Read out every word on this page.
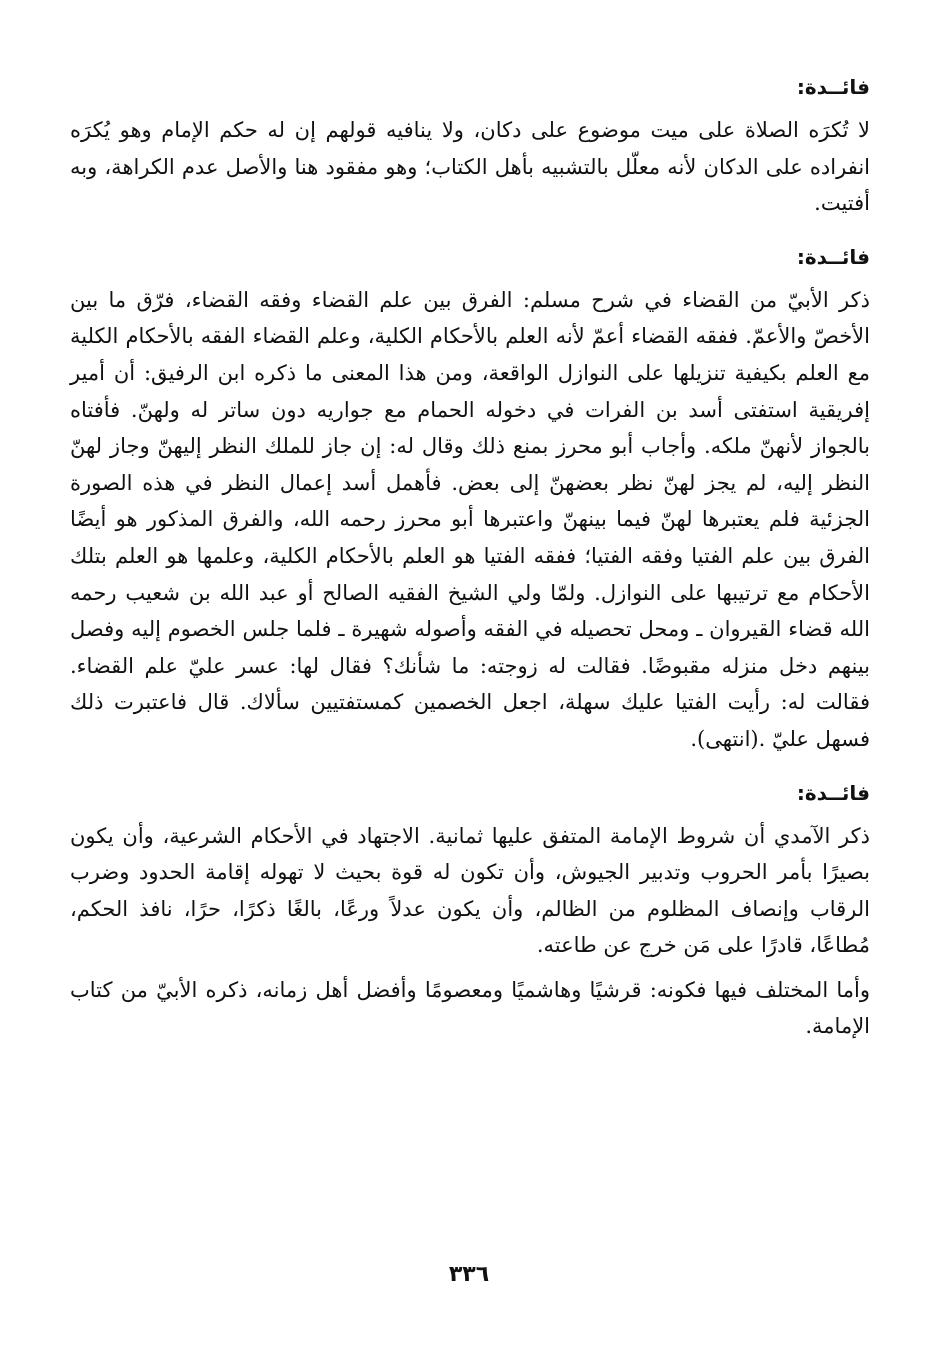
فائــدة:

لا تُكرَه الصلاة على ميت موضوع على دكان، ولا ينافيه قولهم إن له حكم الإمام وهو يُكرَه انفراده على الدكان لأنه معلّل بالتشبيه بأهل الكتاب؛ وهو مفقود هنا والأصل عدم الكراهة، وبه أفتيت.

فائــدة:

ذكر الأبيّ من القضاء في شرح مسلم: الفرق بين علم القضاء وفقه القضاء، فرّق ما بين الأخصّ والأعمّ. ففقه القضاء أعمّ لأنه العلم بالأحكام الكلية، وعلم القضاء الفقه بالأحكام الكلية مع العلم بكيفية تنزيلها على النوازل الواقعة، ومن هذا المعنى ما ذكره ابن الرفيق: أن أمير إفريقية استفتى أسد بن الفرات في دخوله الحمام مع جواريه دون ساتر له ولهنّ. فأفتاه بالجواز لأنهنّ ملكه. وأجاب أبو محرز بمنع ذلك وقال له: إن جاز للملك النظر إليهنّ وجاز لهنّ النظر إليه، لم يجز لهنّ نظر بعضهنّ إلى بعض. فأهمل أسد إعمال النظر في هذه الصورة الجزئية فلم يعتبرها لهنّ فيما بينهنّ واعتبرها أبو محرز رحمه الله، والفرق المذكور هو أيضًا الفرق بين علم الفتيا وفقه الفتيا؛ ففقه الفتيا هو العلم بالأحكام الكلية، وعلمها هو العلم بتلك الأحكام مع ترتيبها على النوازل. ولمّا ولي الشيخ الفقيه الصالح أو عبد الله بن شعيب رحمه الله قضاء القيروان ـ ومحل تحصيله في الفقه وأصوله شهيرة ـ فلما جلس الخصوم إليه وفصل بينهم دخل منزله مقبوضًا. فقالت له زوجته: ما شأنك؟ فقال لها: عسر عليّ علم القضاء. فقالت له: رأيت الفتيا عليك سهلة، اجعل الخصمين كمستفتيين سألاك. قال فاعتبرت ذلك فسهل عليّ .(انتهى).

فائــدة:

ذكر الآمدي أن شروط الإمامة المتفق عليها ثمانية. الاجتهاد في الأحكام الشرعية، وأن يكون بصيرًا بأمر الحروب وتدبير الجيوش، وأن تكون له قوة بحيث لا تهوله إقامة الحدود وضرب الرقاب وإنصاف المظلوم من الظالم، وأن يكون عدلاً ورعًا، بالغًا ذكرًا، حرًا، نافذ الحكم، مُطاعًا، قادرًا على مَن خرج عن طاعته.

وأما المختلف فيها فكونه: قرشيًا وهاشميًا ومعصومًا وأفضل أهل زمانه، ذكره الأبيّ من كتاب الإمامة.

٣٣٦
